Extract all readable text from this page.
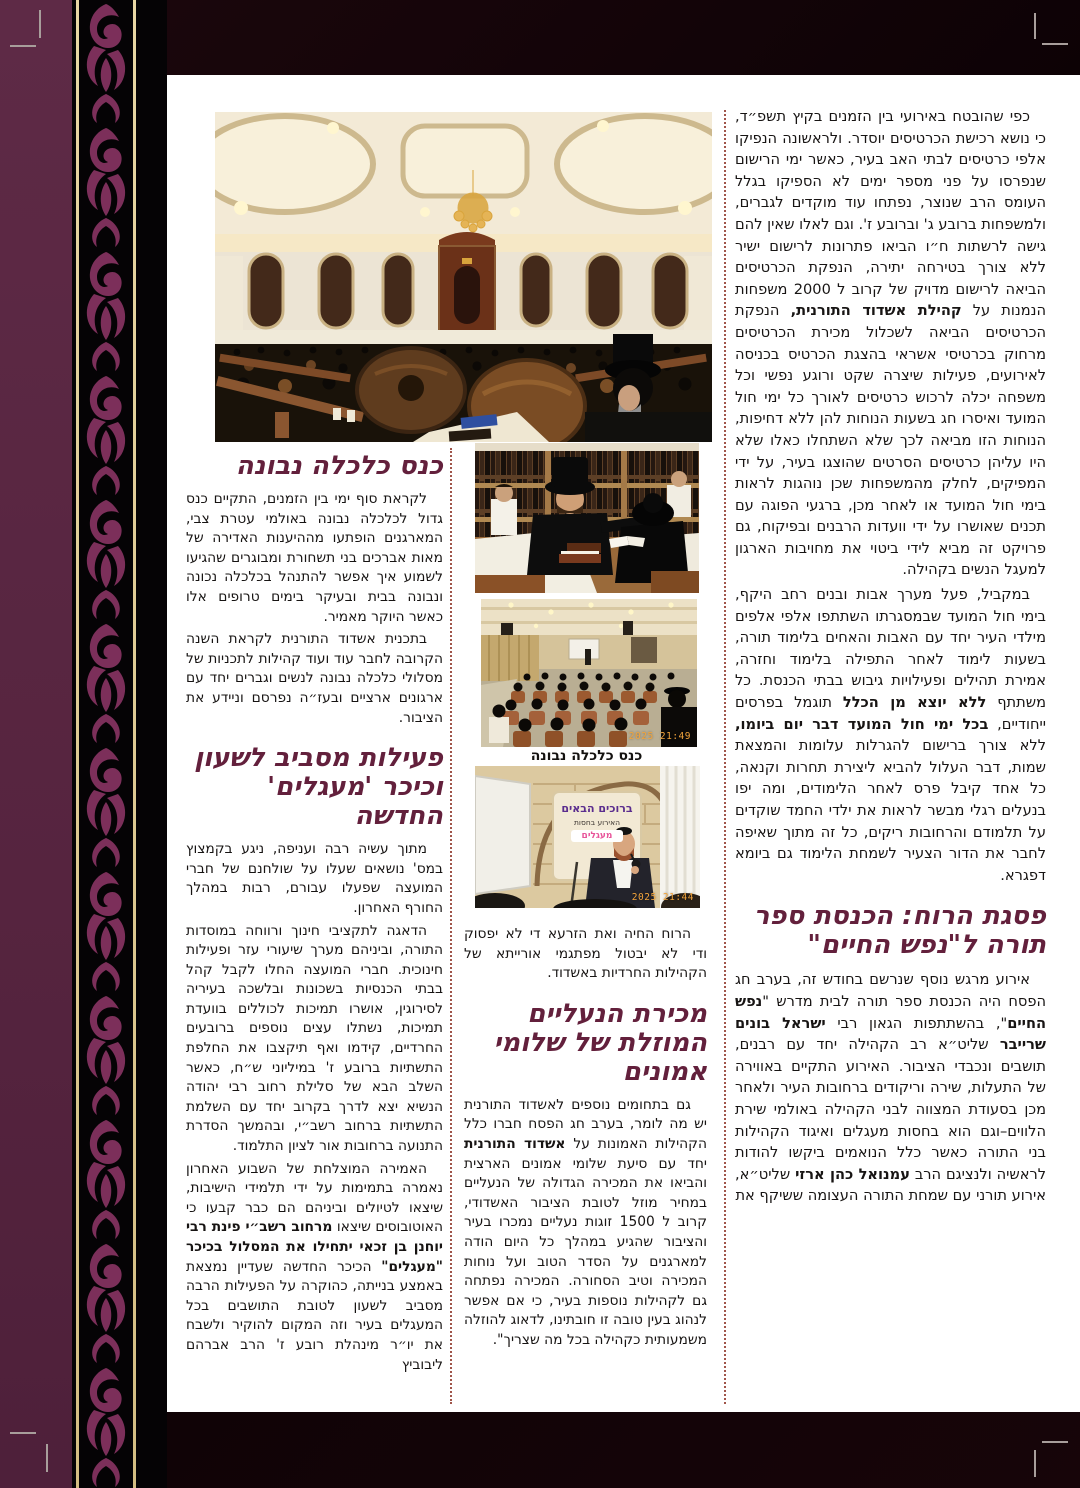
2025 21:49
כנס כלכלה נבונה
ברוכים הבאים
האירוע בחסות
מעגלים
2025 21:44
כנס כלכלה נבונה

לקראת סוף ימי בין הזמנים, התקיים כנס גדול לכלכלה נבונה באולמי עטרת צבי, המארגנים הופתעו מההיענות האדירה של מאות אברכים בני תשחורת ומבוגרים שהגיעו לשמוע איך אפשר להתנהל בכלכלה נכונה ונבונה בבית ובעיקר בימים טרופים אלו כאשר היוקר מאמיר.

בתכנית אשדוד התורנית לקראת השנה הקרובה לחבר עוד ועוד קהילות לתכניות של מסלולי כלכלה נבונה לנשים וגברים יחד עם ארגונים ארציים ובעז״ה נפרסם וניידע את הציבור.

פעילות מסביב לשעון וכיכר 'מעגלים' החדשה

מתוך עשיה רבה ועניפה, ניגע בקמצוץ במס' נושאים שעלו על שולחנם של חברי המועצה שפעלו עבורם, רבות במהלך החורף האחרון.

הדאגה לתקציבי חינוך ורווחה במוסדות התורה, וביניהם מערך שיעורי עזר ופעילות חינוכית. חברי המועצה החלו לקבל קהל בבתי הכנסיות בשכונות ובלשכה בעיריה לסירוגין, אושרו תמיכות לכוללים בוועדת תמיכות, נשתלו עצים נוספים ברובעים החרדיים, קידמו ואף תיקצבו את החלפת התשתיות ברובע ז' במיליוני ש״ח, כאשר השלב הבא של סלילת רחוב רבי יהודה הנשיא יצא לדרך בקרוב יחד עם השלמת התשתיות ברחוב רשב״י, ובהמשך הסדרת התנועה ברחובות אור לציון התלמוד.

האמירה המוצלחת של השבוע האחרון נאמרה בתמימות על ידי תלמידי הישיבות, שיצאו לטיולים וביניהם הם כבר קבעו כי האוטובוסים שיצאו מרחוב רשב״י פינת רבי יוחנן בן זכאי יתחילו את המסלול בכיכר "מעגלים" הכיכר החדשה שעדיין נמצאת באמצע בנייתה, כהוקרה על הפעילות הרבה מסביב לשעון לטובת התושבים בכל המעגלים בעיר וזה המקום להוקיר ולשבח את יו״ר מינהלת רובע ז' הרב אברהם ליבוביץ

הרוח החיה ואת הזרעא די לא יפסוק ודי לא יבטול מפתגמי אורייתא של הקהילות החרדיות באשדוד.

מכירת הנעליים המוזלת של שלומי אמונים

גם בתחומים נוספים לאשדוד התורנית יש מה לומר, בערב חג הפסח חברו כלל הקהילות האמונות על אשדוד התורנית יחד עם סיעת שלומי אמונים הארצית והביאו את המכירה הגדולה של הנעליים במחיר מוזל לטובת הציבור האשדודי, קרוב ל 1500 זוגות נעליים נמכרו בעיר והציבור שהגיע במהלך כל היום הודה למארגנים על הסדר הטוב ועל נוחות המכירה וטיב הסחורה. המכירה נפתחה גם לקהילות נוספות בעיר, כי אם אפשר לנהוג בעין טובה זו חובתינו, לדאוג להוזלה משמעותית כקהילה בכל מה שצריך".

כפי שהובטח באירועי בין הזמנים בקיץ תשפ״ד, כי נושא רכישת הכרטיסים יוסדר. ולראשונה הנפיקו אלפי כרטיסים לבתי האב בעיר, כאשר ימי הרישום שנפרסו על פני מספר ימים לא הספיקו בגלל העומס הרב שנוצר, נפתחו עוד מוקדים לגברים, ולמשפחות ברובע ג' וברובע ז'. וגם לאלו שאין להם גישה לרשתות ח״ו הביאו פתרונות לרישום ישיר ללא צורך בטירחה יתירה, הנפקת הכרטיסים הביאה לרישום מדויק של קרוב ל 2000 משפחות הנמנות על קהילת אשדוד התורנית, הנפקת הכרטיסים הביאה לשכלול מכירת הכרטיסים מרחוק בכרטיסי אשראי בהצגת הכרטיס בכניסה לאירועים, פעילות שיצרה שקט ורוגע נפשי וכל משפחה יכלה לרכוש כרטיסים לאורך כל ימי חול המועד ואיסרו חג בשעות הנוחות להן ללא דחיפות, הנוחות הזו מביאה לכך שלא השתחלו כאלו שלא היו עליהן כרטיסים הסרטים שהוצגו בעיר, על ידי המפיקים, לחלק מהמשפחות שכן נוהגות לראות בימי חול המועד או לאחר מכן, ברגעי הפוגה עם תכנים שאושרו על ידי וועדות הרבנים ובפיקוח, גם פרויקט זה מביא לידי ביטוי את מחויבות הארגון למעגל הנשים בקהילה.

במקביל, פעל מערך אבות ובנים רחב היקף, בימי חול המועד שבמסגרתו השתתפו אלפי אלפים מילדי העיר יחד עם האבות והאחים בלימוד תורה, בשעות לימוד לאחר התפילה בלימוד וחזרה, אמירת תהילים ופעילויות גיבוש בבתי הכנסת. כל משתתף ללא יוצא מן הכלל תוגמל בפרסים ייחודיים, בכל ימי חול המועד דבר יום ביומו, ללא צורך ברישום להגרלות עלומות והמצאת שמות, דבר העלול להביא ליצירת תחרות וקנאה, כל אחד קיבל פרס לאחר הלימודים, ומה יפו בנעלים רגלי מבשר לראות את ילדי החמד שוקדים על תלמודם והרחובות ריקים, כל זה מתוך שאיפה לחבר את הדור הצעיר לשמחת הלימוד גם ביומא דפגרא.

פסגת הרוח: הכנסת ספר תורה ל"נפש החיים"

אירוע מרגש נוסף שנרשם בחודש זה, בערב חג הפסח היה הכנסת ספר תורה לבית מדרש "נפש החיים", בהשתתפות הגאון רבי ישראל בונים שרייבר שליט״א רב הקהילה יחד עם רבנים, תושבים ונכבדי הציבור. האירוע התקיים באווירה של התעלות, שירה וריקודים ברחובות העיר ולאחר מכן בסעודת המצווה לבני הקהילה באולמי שירת הלווים–וגם הוא בחסות מעגלים ואיגוד הקהילות בני התורה כאשר כלל הנואמים ביקשו להודות לראשיה ולנציגם הרב עמנואל כהן ארזי שליט״א, אירוע תורני עם שמחת התורה העצומה ששיקף את
